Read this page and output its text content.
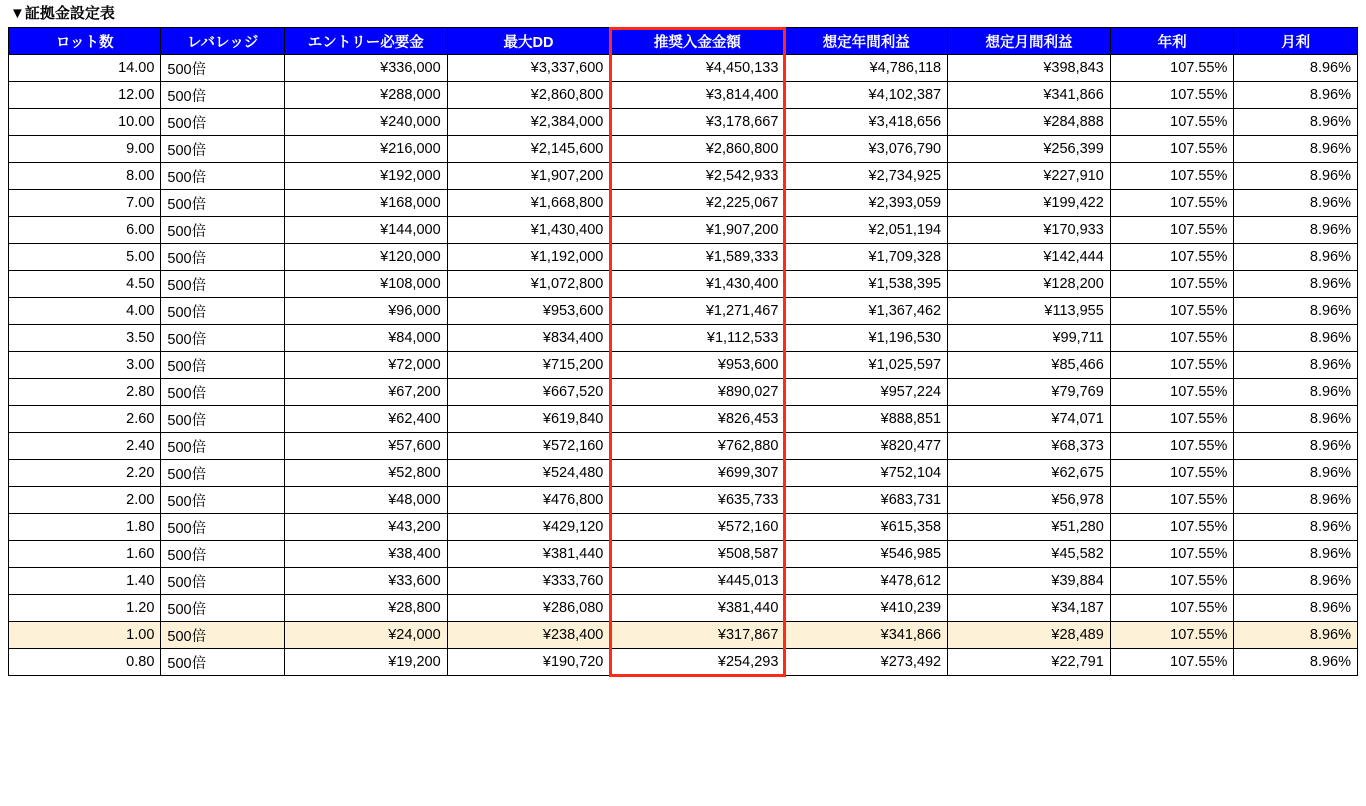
▼証拠金設定表
ロット数	レバレッジ	エントリー必要金	最大DD	推奨入金金額	想定年間利益	想定月間利益	年利	月利
14.00	500倍	¥336,000	¥3,337,600	¥4,450,133	¥4,786,118	¥398,843	107.55%	8.96%
12.00	500倍	¥288,000	¥2,860,800	¥3,814,400	¥4,102,387	¥341,866	107.55%	8.96%
10.00	500倍	¥240,000	¥2,384,000	¥3,178,667	¥3,418,656	¥284,888	107.55%	8.96%
9.00	500倍	¥216,000	¥2,145,600	¥2,860,800	¥3,076,790	¥256,399	107.55%	8.96%
8.00	500倍	¥192,000	¥1,907,200	¥2,542,933	¥2,734,925	¥227,910	107.55%	8.96%
7.00	500倍	¥168,000	¥1,668,800	¥2,225,067	¥2,393,059	¥199,422	107.55%	8.96%
6.00	500倍	¥144,000	¥1,430,400	¥1,907,200	¥2,051,194	¥170,933	107.55%	8.96%
5.00	500倍	¥120,000	¥1,192,000	¥1,589,333	¥1,709,328	¥142,444	107.55%	8.96%
4.50	500倍	¥108,000	¥1,072,800	¥1,430,400	¥1,538,395	¥128,200	107.55%	8.96%
4.00	500倍	¥96,000	¥953,600	¥1,271,467	¥1,367,462	¥113,955	107.55%	8.96%
3.50	500倍	¥84,000	¥834,400	¥1,112,533	¥1,196,530	¥99,711	107.55%	8.96%
3.00	500倍	¥72,000	¥715,200	¥953,600	¥1,025,597	¥85,466	107.55%	8.96%
2.80	500倍	¥67,200	¥667,520	¥890,027	¥957,224	¥79,769	107.55%	8.96%
2.60	500倍	¥62,400	¥619,840	¥826,453	¥888,851	¥74,071	107.55%	8.96%
2.40	500倍	¥57,600	¥572,160	¥762,880	¥820,477	¥68,373	107.55%	8.96%
2.20	500倍	¥52,800	¥524,480	¥699,307	¥752,104	¥62,675	107.55%	8.96%
2.00	500倍	¥48,000	¥476,800	¥635,733	¥683,731	¥56,978	107.55%	8.96%
1.80	500倍	¥43,200	¥429,120	¥572,160	¥615,358	¥51,280	107.55%	8.96%
1.60	500倍	¥38,400	¥381,440	¥508,587	¥546,985	¥45,582	107.55%	8.96%
1.40	500倍	¥33,600	¥333,760	¥445,013	¥478,612	¥39,884	107.55%	8.96%
1.20	500倍	¥28,800	¥286,080	¥381,440	¥410,239	¥34,187	107.55%	8.96%
1.00	500倍	¥24,000	¥238,400	¥317,867	¥341,866	¥28,489	107.55%	8.96%
0.80	500倍	¥19,200	¥190,720	¥254,293	¥273,492	¥22,791	107.55%	8.96%
